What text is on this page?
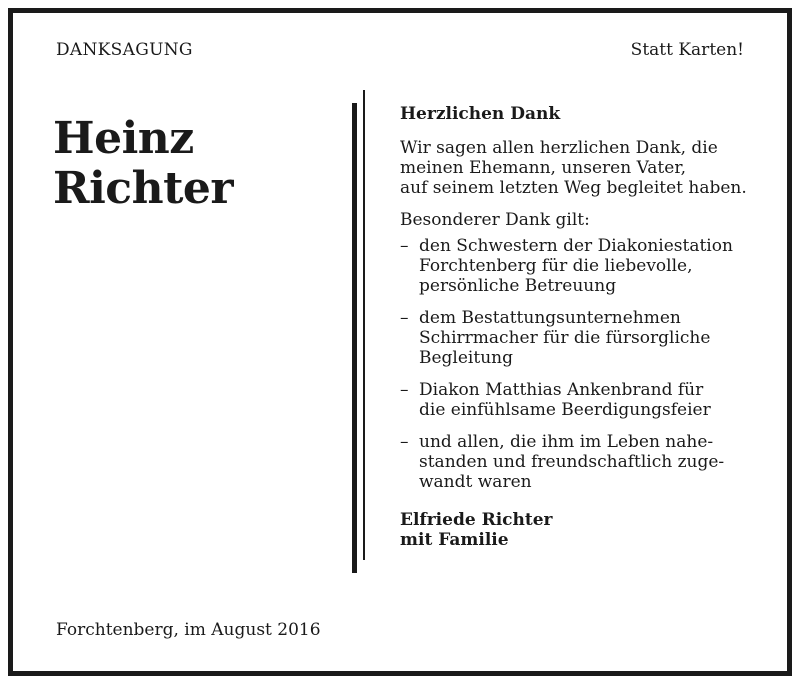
DANKSAGUNG	Statt Karten!
Heinz
Richter
Herzlichen Dank
Wir sagen allen herzlichen Dank, die
meinen Ehemann, unseren Vater,
auf seinem letzten Weg begleitet haben.
Besonderer Dank gilt:
– den Schwestern der Diakoniestation
Forchtenberg für die liebevolle,
persönliche Betreuung
– dem Bestattungsunternehmen
Schirrmacher für die fürsorgliche
Begleitung
– Diakon Matthias Ankenbrand für
die einfühlsame Beerdigungsfeier
– und allen, die ihm im Leben nahe-
standen und freundschaftlich zuge-
wandt waren
Elfriede Richter
mit Familie
Forchtenberg, im August 2016
